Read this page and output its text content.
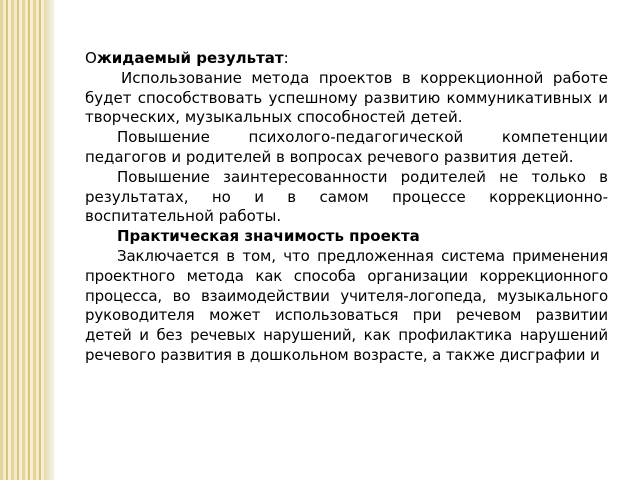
Ожидаемый результат:

Использование метода проектов в коррекционной работе будет способствовать успешному развитию коммуникативных и творческих, музыкальных способностей детей.

Повышение психолого-педагогической компетенции педагогов и родителей в вопросах речевого развития детей.

Повышение заинтересованности родителей не только в результатах, но и в самом процессе коррекционно-воспитательной работы.

Практическая значимость проекта

Заключается в том, что предложенная система применения проектного метода как способа организации коррекционного процесса, во взаимодействии учителя-логопеда, музыкального руководителя может использоваться при речевом развитии детей и без речевых нарушений, как профилактика нарушений речевого развития в дошкольном возрасте, а также дисграфии и
